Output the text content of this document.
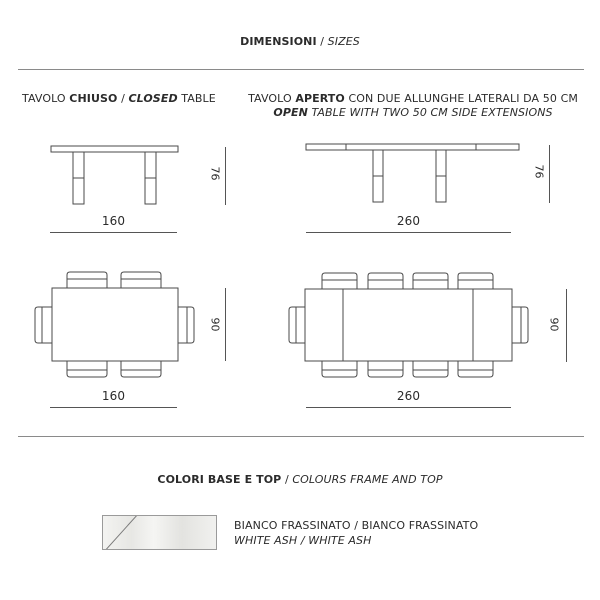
DIMENSIONI / SIZES
TAVOLO CHIUSO / CLOSED TABLE	TAVOLO APERTO CON DUE ALLUNGHE LATERALI DA 50 CM
OPEN TABLE WITH TWO 50 CM SIDE EXTENSIONS
160
76
260
76
160
90
260
90
COLORI BASE E TOP / COLOURS FRAME AND TOP
BIANCO FRASSINATO / BIANCO FRASSINATO
WHITE ASH / WHITE ASH
